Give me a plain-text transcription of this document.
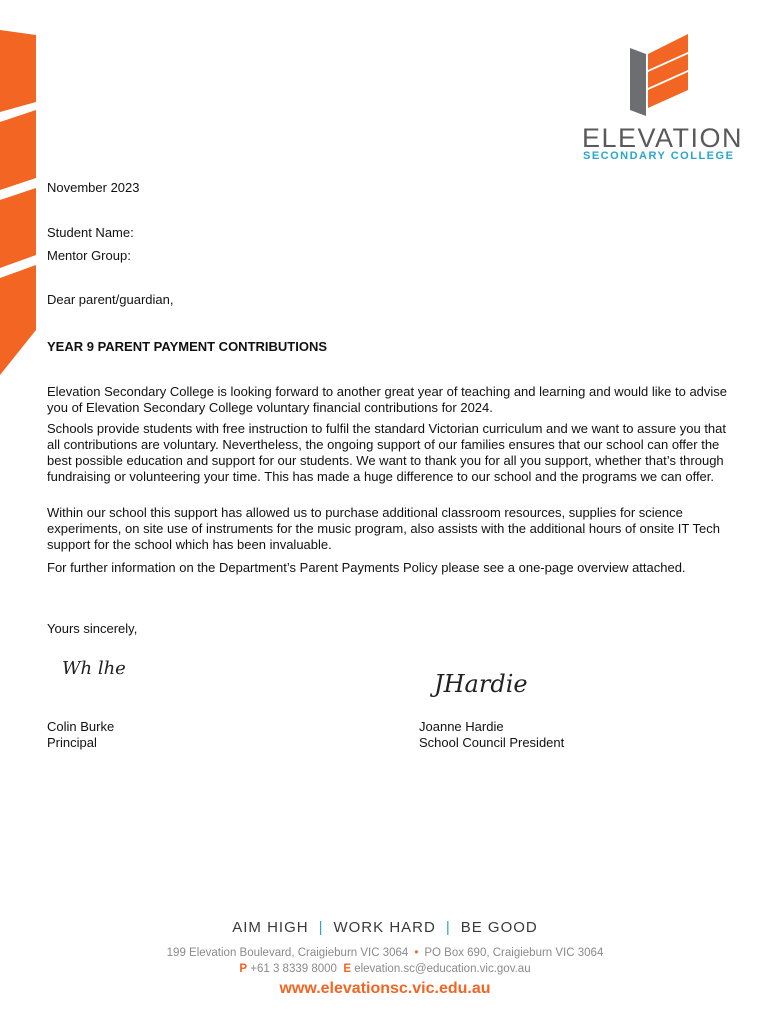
ELEVATION
SECONDARY COLLEGE
November 2023
Student Name:
Mentor Group:
Dear parent/guardian,
YEAR 9 PARENT PAYMENT CONTRIBUTIONS
Elevation Secondary College is looking forward to another great year of teaching and learning and would like to advise you of Elevation Secondary College voluntary financial contributions for 2024.
Schools provide students with free instruction to fulfil the standard Victorian curriculum and we want to assure you that all contributions are voluntary. Nevertheless, the ongoing support of our families ensures that our school can offer the best possible education and support for our students. We want to thank you for all you support, whether that’s through fundraising or volunteering your time. This has made a huge difference to our school and the programs we can offer.
Within our school this support has allowed us to purchase additional classroom resources, supplies for science experiments, on site use of instruments for the music program, also assists with the additional hours of onsite IT Tech support for the school which has been invaluable.
For further information on the Department’s Parent Payments Policy please see a one-page overview attached.
Yours sincerely,
Wh lhe
JHardie
Colin Burke
Principal
Joanne Hardie
School Council President
AIM HIGH | WORK HARD | BE GOOD
199 Elevation Boulevard, Craigieburn VIC 3064 • PO Box 690, Craigieburn VIC 3064
P +61 3 8339 8000 E elevation.sc@education.vic.gov.au
www.elevationsc.vic.edu.au
